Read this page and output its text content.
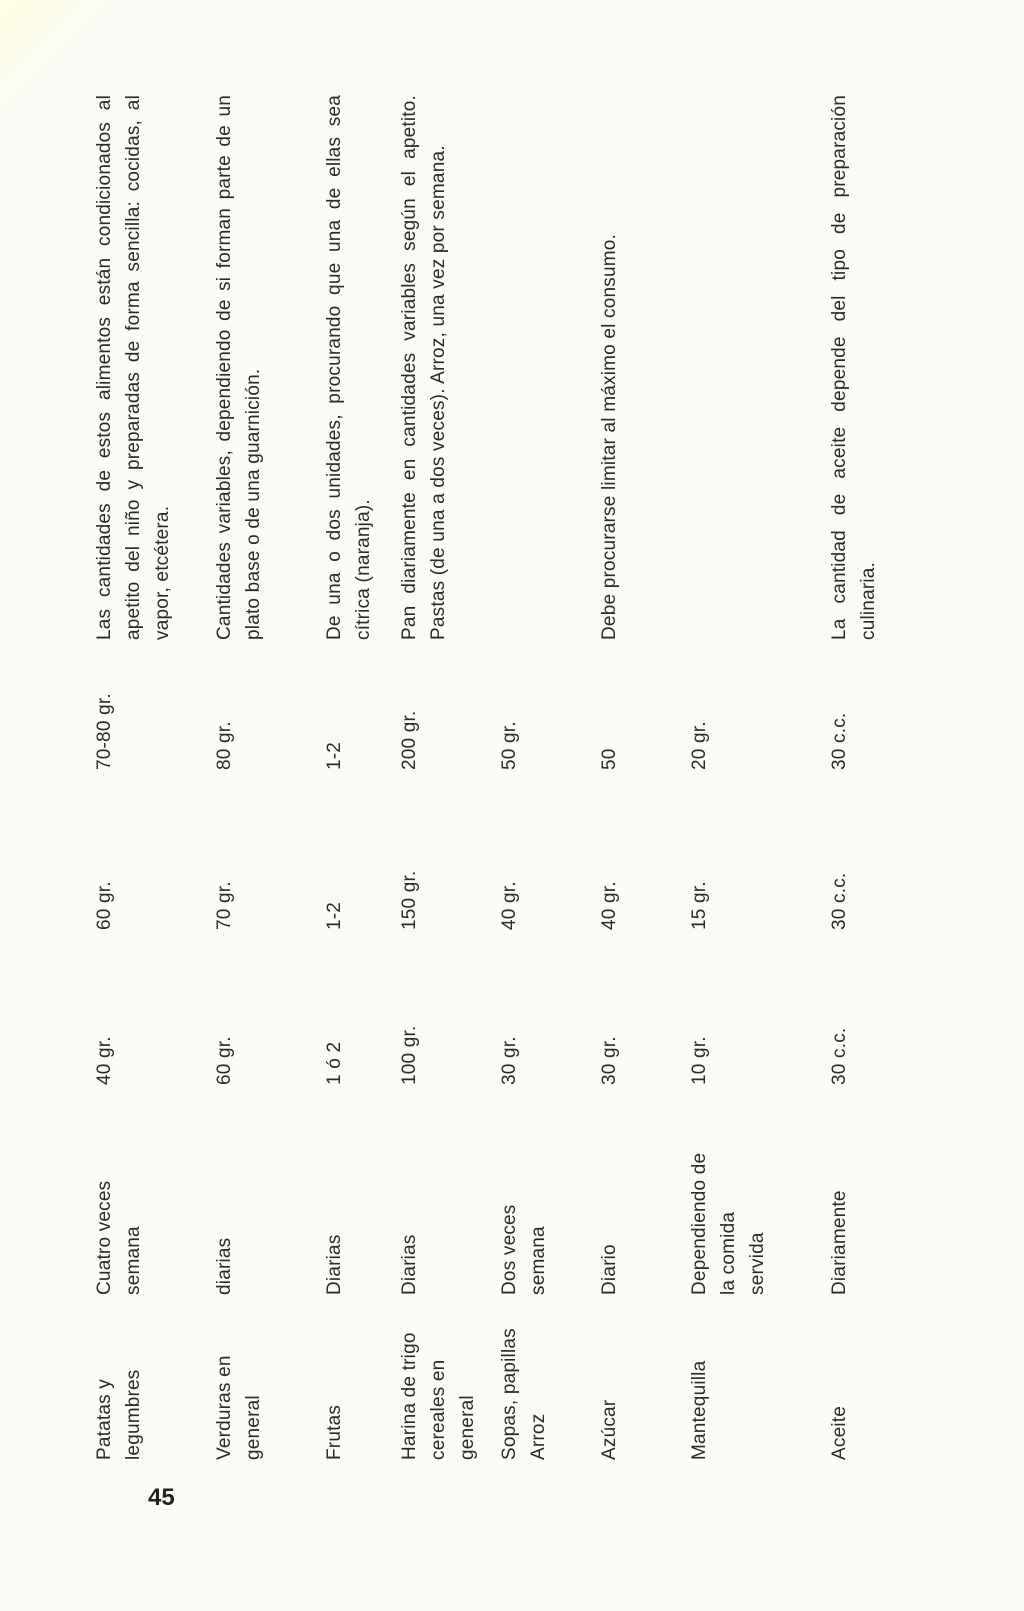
Patatas y legumbres
Cuatro veces semana
40 gr.
60 gr.
70-80 gr.
Las cantidades de estos alimentos están condicionados al apetito del niño y preparadas de forma sencilla: cocidas, al vapor, etcétera.
Verduras en general
diarias
60 gr.
70 gr.
80 gr.
Cantidades variables, dependiendo de si forman parte de un plato base o de una guarnición.
Frutas
Diarias
1 ó 2
1-2
1-2
De una o dos unidades, procurando que una de ellas sea cítrica (naranja).
Harina de trigo cereales en general
Diarias
100 gr.
150 gr.
200 gr.
Pan diariamente en cantidades variables según el apetito. Pastas (de una a dos veces). Arroz, una vez por semana.
Sopas, papillas Arroz
Dos veces semana
30 gr.
40 gr.
50 gr.
Azúcar
Diario
30 gr.
40 gr.
50
Debe procurarse limitar al máximo el consumo.
Mantequilla
Dependiendo de la comida servida
10 gr.
15 gr.
20 gr.
Aceite
Diariamente
30 c.c.
30 c.c.
30 c.c.
La cantidad de aceite depende del tipo de preparación culinaria.
45
